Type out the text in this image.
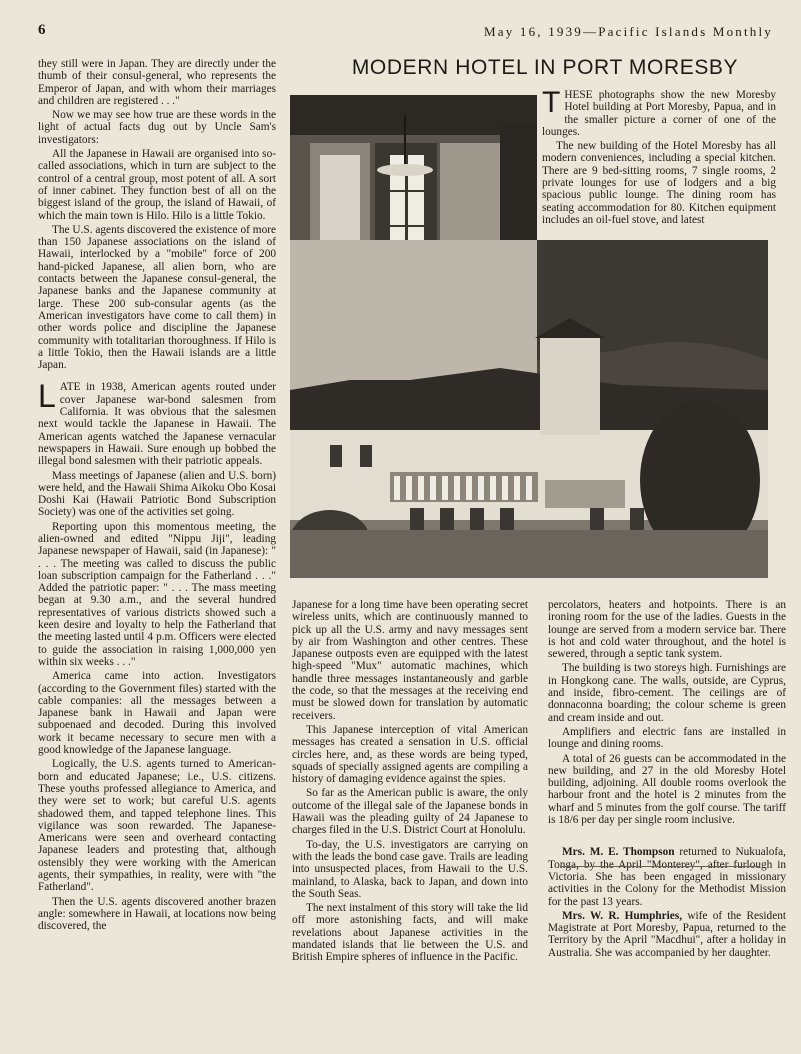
6	May 16, 1939—Pacific Islands Monthly
MODERN HOTEL IN PORT MORESBY

they still were in Japan. They are directly under the thumb of their consul-general, who represents the Emperor of Japan, and with whom their marriages and children are registered . . ."

Now we may see how true are these words in the light of actual facts dug out by Uncle Sam's investigators:

All the Japanese in Hawaii are organised into so-called associations, which in turn are subject to the control of a central group, most potent of all. A sort of inner cabinet. They function best of all on the biggest island of the group, the island of Hawaii, of which the main town is Hilo. Hilo is a little Tokio.

The U.S. agents discovered the existence of more than 150 Japanese associations on the island of Hawaii, interlocked by a "mobile" force of 200 hand-picked Japanese, all alien born, who are contacts between the Japanese consul-general, the Japanese banks and the Japanese community at large. These 200 sub-consular agents (as the American investigators have come to call them) in other words police and discipline the Japanese community with totalitarian thoroughness. If Hilo is a little Tokio, then the Hawaii islands are a little Japan.

LATE in 1938, American agents routed under cover Japanese war-bond salesmen from California. It was obvious that the salesmen next would tackle the Japanese in Hawaii. The American agents watched the Japanese vernacular newspapers in Hawaii. Sure enough up bobbed the illegal bond salesmen with their patriotic appeals.

Mass meetings of Japanese (alien and U.S. born) were held, and the Hawaii Shima Aikoku Obo Kosai Doshi Kai (Hawaii Patriotic Bond Subscription Society) was one of the activities set going.

Reporting upon this momentous meeting, the alien-owned and edited "Nippu Jiji", leading Japanese newspaper of Hawaii, said (in Japanese): " . . . The meeting was called to discuss the public loan subscription campaign for the Fatherland . . ." Added the patriotic paper: " . . . The mass meeting began at 9.30 a.m., and the several hundred representatives of various districts showed such a keen desire and loyalty to help the Fatherland that the meeting lasted until 4 p.m. Officers were elected to guide the association in raising 1,000,000 yen within six weeks . . ."

America came into action. Investigators (according to the Government files) started with the cable companies: all the messages between a Japanese bank in Hawaii and Japan were subpoenaed and decoded. During this involved work it became necessary to secure men with a good knowledge of the Japanese language.

Logically, the U.S. agents turned to American-born and educated Japanese; i.e., U.S. citizens. These youths professed allegiance to America, and they were set to work; but careful U.S. agents shadowed them, and tapped telephone lines. This vigilance was soon rewarded. The Japanese-Americans were seen and overheard contacting Japanese leaders and protesting that, although ostensibly they were working with the American agents, their sympathies, in reality, were with "the Fatherland".

Then the U.S. agents discovered another brazen angle: somewhere in Hawaii, at locations now being discovered, the

Japanese for a long time have been operating secret wireless units, which are continuously manned to pick up all the U.S. army and navy messages sent by air from Washington and other centres. These Japanese outposts even are equipped with the latest high-speed "Mux" automatic machines, which handle three messages instantaneously and garble the code, so that the messages at the receiving end must be slowed down for translation by automatic receivers.

This Japanese interception of vital American messages has created a sensation in U.S. official circles here, and, as these words are being typed, squads of specially assigned agents are compiling a history of damaging evidence against the spies.

So far as the American public is aware, the only outcome of the illegal sale of the Japanese bonds in Hawaii was the pleading guilty of 24 Japanese to charges filed in the U.S. District Court at Honolulu.

To-day, the U.S. investigators are carrying on with the leads the bond case gave. Trails are leading into unsuspected places, from Hawaii to the U.S. mainland, to Alaska, back to Japan, and down into the South Seas.

The next instalment of this story will take the lid off more astonishing facts, and will make revelations about Japanese activities in the mandated islands that lie between the U.S. and British Empire spheres of influence in the Pacific.

THESE photographs show the new Moresby Hotel building at Port Moresby, Papua, and in the smaller picture a corner of one of the lounges.

The new building of the Hotel Moresby has all modern conveniences, including a special kitchen. There are 9 bed-sitting rooms, 7 single rooms, 2 private lounges for use of lodgers and a big spacious public lounge. The dining room has seating accommodation for 80. Kitchen equipment includes an oil-fuel stove, and latest

percolators, heaters and hotpoints. There is an ironing room for the use of the ladies. Guests in the lounge are served from a modern service bar. There is hot and cold water throughout, and the hotel is sewered, through a septic tank system.

The building is two storeys high. Furnishings are in Hongkong cane. The walls, outside, are Cyprus, and inside, fibro-cement. The ceilings are of donnaconna boarding; the colour scheme is green and cream inside and out.

Amplifiers and electric fans are installed in lounge and dining rooms.

A total of 26 guests can be accommodated in the new building, and 27 in the old Moresby Hotel building, adjoining. All double rooms overlook the harbour front and the hotel is 2 minutes from the wharf and 5 minutes from the golf course. The tariff is 18/6 per day per single room inclusive.

Mrs. M. E. Thompson returned to Nukualofa, Tonga, by the April "Monterey", after furlough in Victoria. She has been engaged in missionary activities in the Colony for the Methodist Mission for the past 13 years.

Mrs. W. R. Humphries, wife of the Resident Magistrate at Port Moresby, Papua, returned to the Territory by the April "Macdhui", after a holiday in Australia. She was accompanied by her daughter.
